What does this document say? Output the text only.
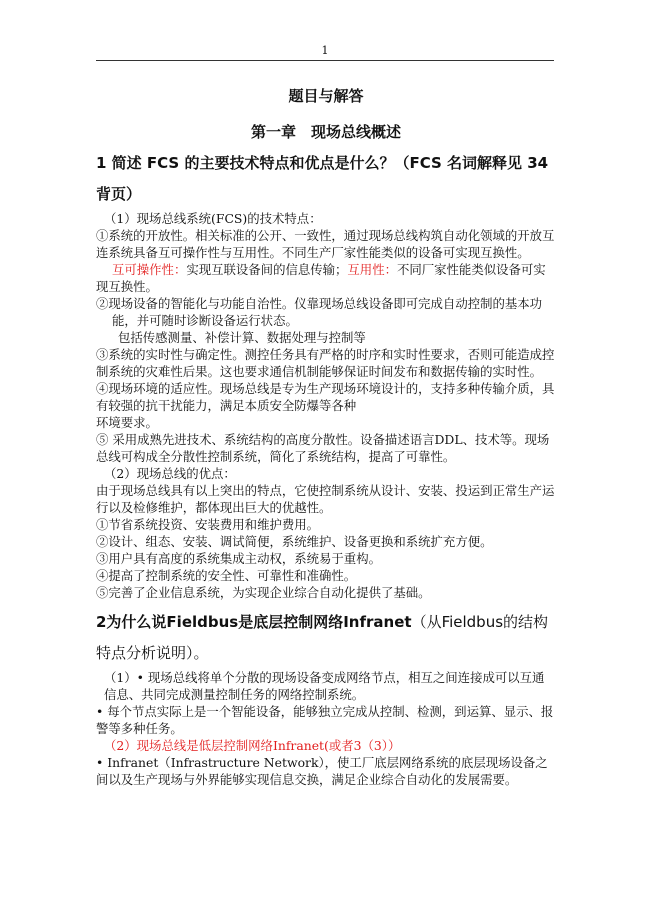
1
题目与解答
第一章　现场总线概述
1 简述 FCS 的主要技术特点和优点是什么？（FCS 名词解释见 34 背页）

（1）现场总线系统(FCS)的技术特点：

①系统的开放性。相关标准的公开、一致性，通过现场总线构筑自动化领域的开放互连系统具备互可操作性与互用性。不同生产厂家性能类似的设备可实现互换性。

互可操作性：实现互联设备间的信息传输；互用性：不同厂家性能类似设备可实现互换性。

②现场设备的智能化与功能自治性。仪靠现场总线设备即可完成自动控制的基本功能，并可随时诊断设备运行状态。

包括传感测量、补偿计算、数据处理与控制等

③系统的实时性与确定性。测控任务具有严格的时序和实时性要求，否则可能造成控制系统的灾难性后果。这也要求通信机制能够保证时间发布和数据传输的实时性。

④现场环境的适应性。现场总线是专为生产现场环境设计的，支持多种传输介质，具有较强的抗干扰能力，满足本质安全防爆等各种

环境要求。

⑤ 采用成熟先进技术、系统结构的高度分散性。设备描述语言DDL、技术等。现场总线可构成全分散性控制系统，简化了系统结构，提高了可靠性。

（2）现场总线的优点：

由于现场总线具有以上突出的特点，它使控制系统从设计、安装、投运到正常生产运行以及检修维护，都体现出巨大的优越性。

①节省系统投资、安装费用和维护费用。

②设计、组态、安装、调试简便，系统维护、设备更换和系统扩充方便。

③用户具有高度的系统集成主动权，系统易于重构。

④提高了控制系统的安全性、可靠性和准确性。

⑤完善了企业信息系统，为实现企业综合自动化提供了基础。

2为什么说Fieldbus是底层控制网络Infranet（从Fieldbus的结构特点分析说明）。

（1）• 现场总线将单个分散的现场设备变成网络节点，相互之间连接成可以互通信息、共同完成测量控制任务的网络控制系统。

• 每个节点实际上是一个智能设备，能够独立完成从控制、检测，到运算、显示、报警等多种任务。

（2）现场总线是低层控制网络Infranet(或者3（3））

• Infranet（Infrastructure Network），使工厂底层网络系统的底层现场设备之间以及生产现场与外界能够实现信息交换，满足企业综合自动化的发展需要。
